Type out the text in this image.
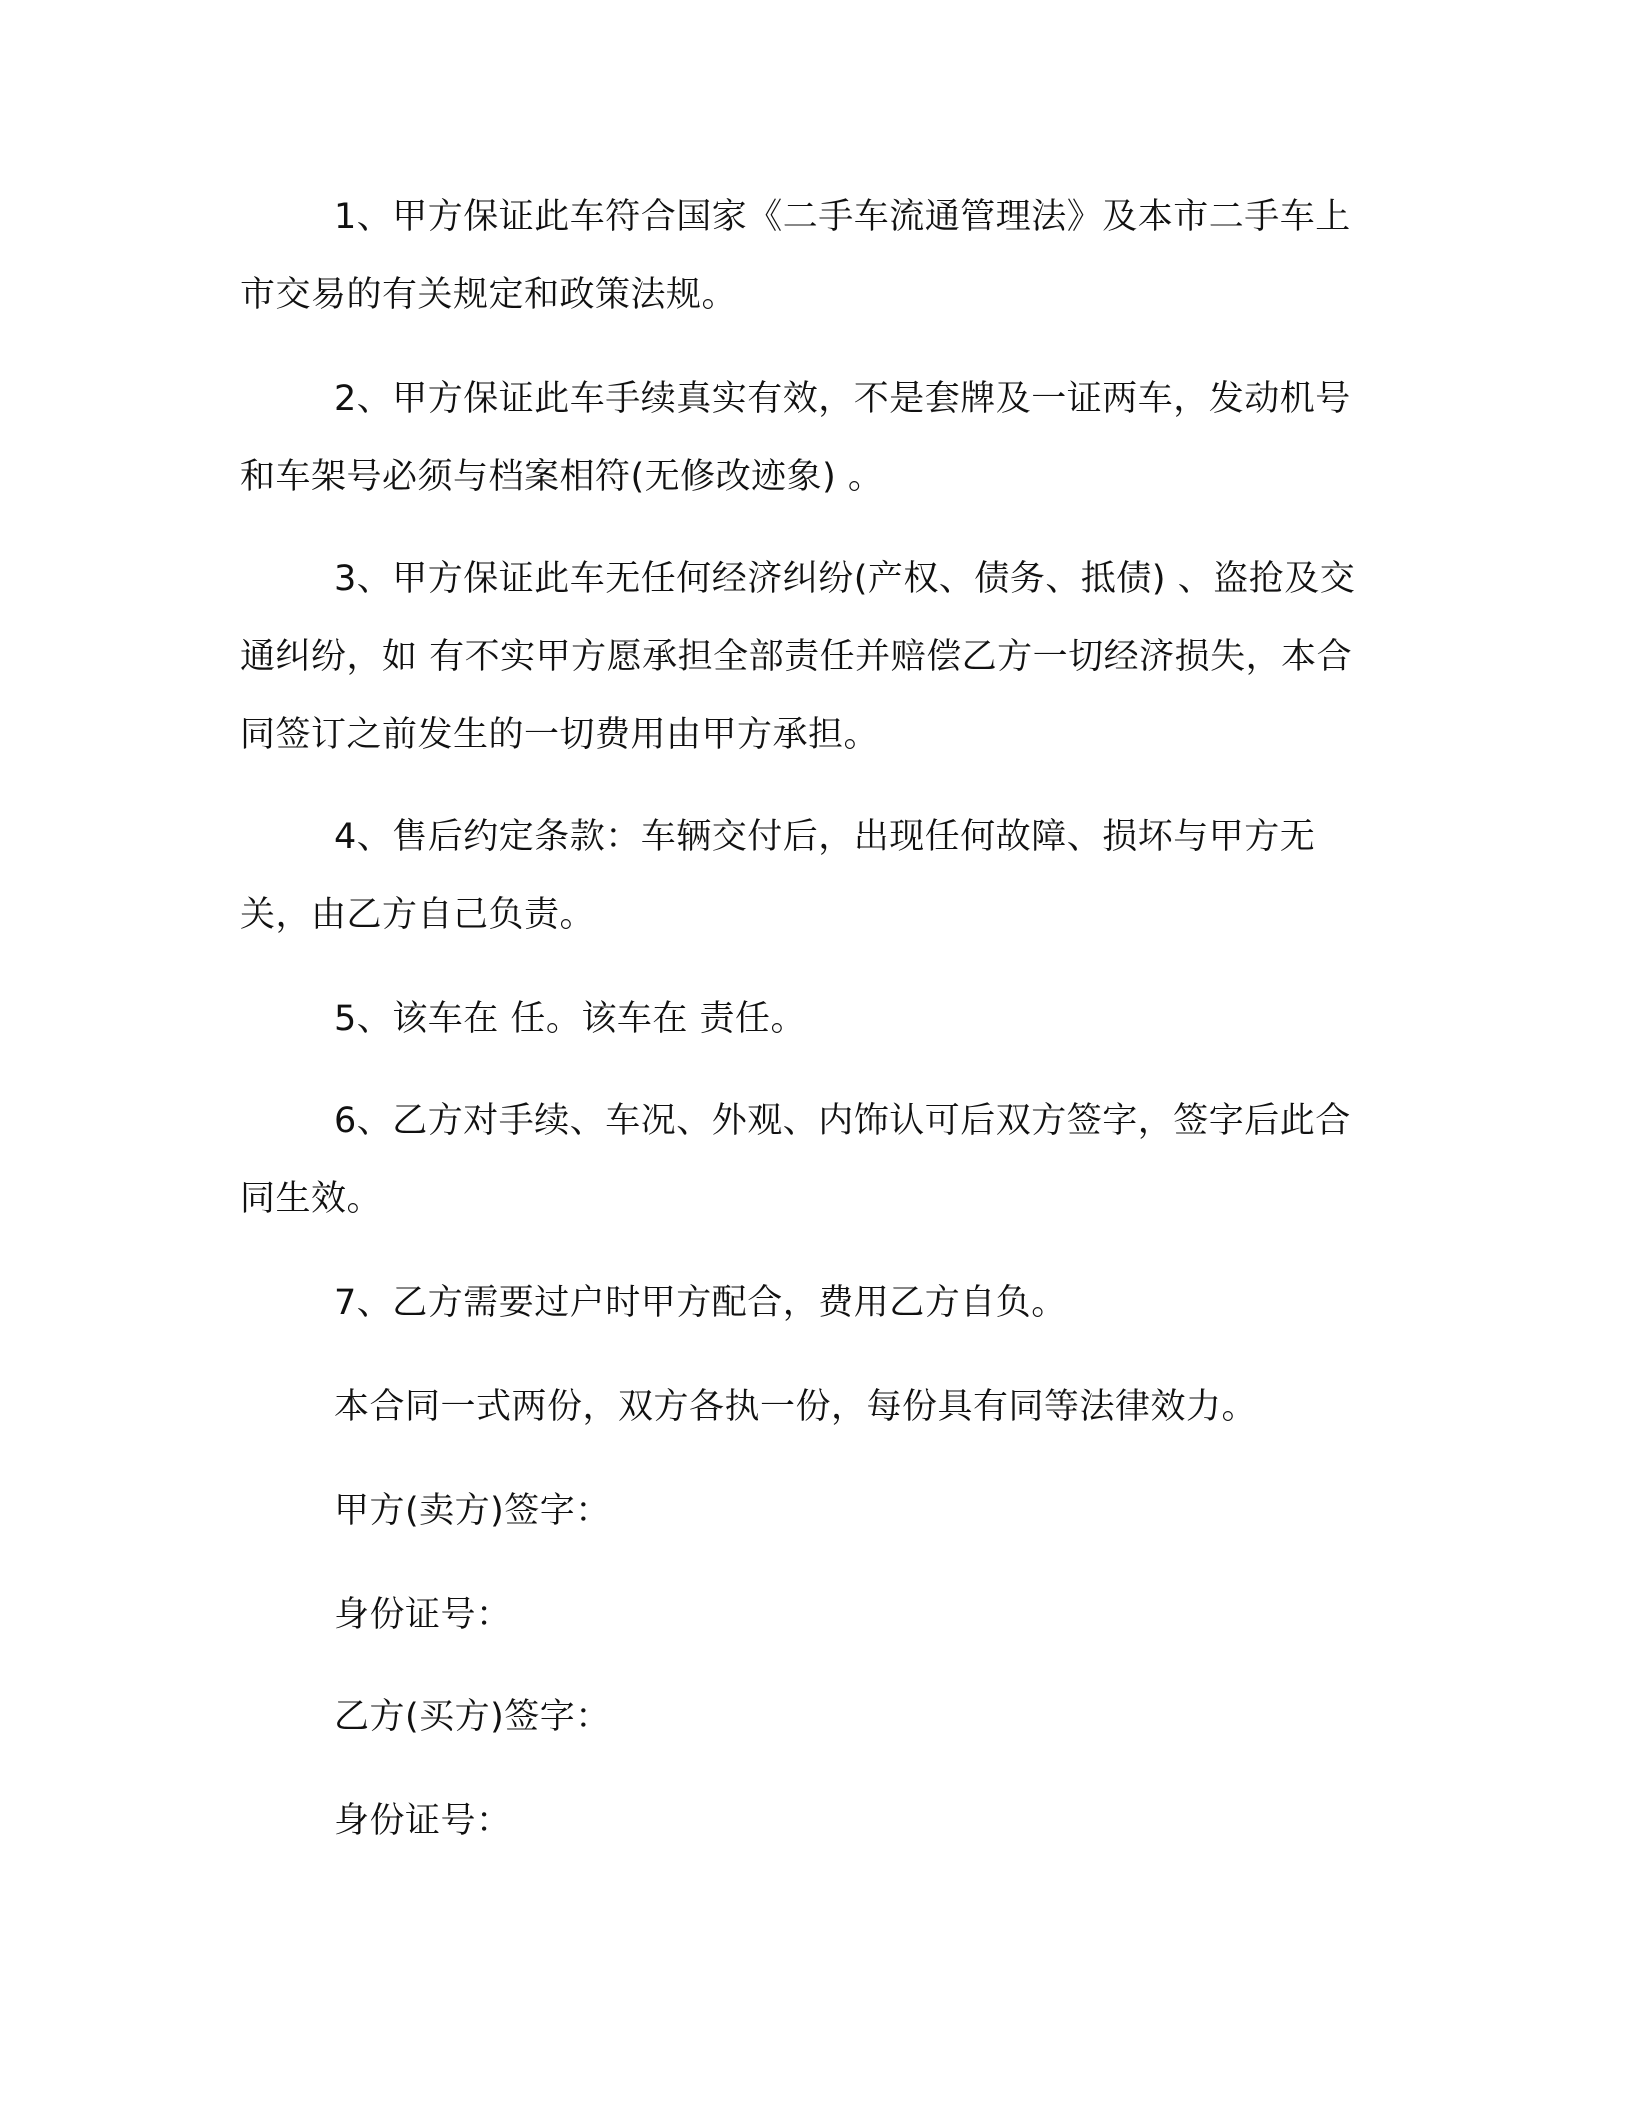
1、甲方保证此车符合国家《二手车流通管理法》及本市二手车上市交易的有关规定和政策法规。

2、甲方保证此车手续真实有效，不是套牌及一证两车，发动机号和车架号必须与档案相符(无修改迹象) 。

3、甲方保证此车无任何经济纠纷(产权、债务、抵债) 、盗抢及交通纠纷，如 有不实甲方愿承担全部责任并赔偿乙方一切经济损失，本合同签订之前发生的一切费用由甲方承担。

4、售后约定条款：车辆交付后，出现任何故障、损坏与甲方无关，由乙方自己负责。

5、该车在 任。该车在 责任。

6、乙方对手续、车况、外观、内饰认可后双方签字，签字后此合同生效。

7、乙方需要过户时甲方配合，费用乙方自负。

本合同一式两份，双方各执一份，每份具有同等法律效力。

甲方(卖方)签字：

身份证号：

乙方(买方)签字：

身份证号：
